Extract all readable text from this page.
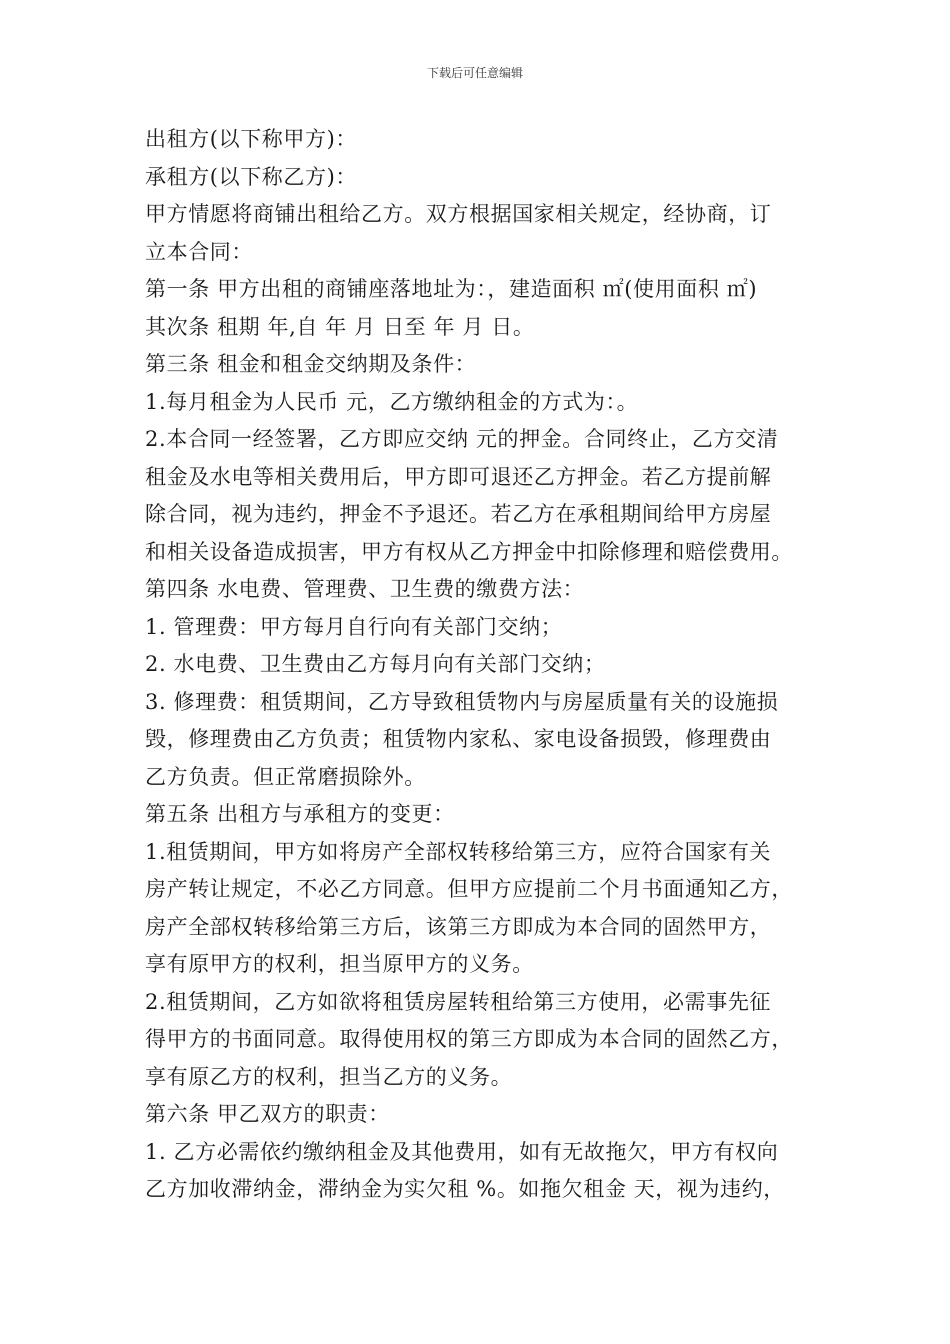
下载后可任意编辑
出租方(以下称甲方)：
承租方(以下称乙方)：
甲方情愿将商铺出租给乙方。双方根据国家相关规定，经协商，订
立本合同：
第一条 甲方出租的商铺座落地址为：，建造面积 ㎡(使用面积 ㎡)
其次条 租期 年,自 年 月 日至 年 月 日。
第三条 租金和租金交纳期及条件：
1.每月租金为人民币 元，乙方缴纳租金的方式为：。
2.本合同一经签署，乙方即应交纳 元的押金。合同终止，乙方交清
租金及水电等相关费用后，甲方即可退还乙方押金。若乙方提前解
除合同，视为违约，押金不予退还。若乙方在承租期间给甲方房屋
和相关设备造成损害，甲方有权从乙方押金中扣除修理和赔偿费用。
第四条 水电费、管理费、卫生费的缴费方法：
1. 管理费：甲方每月自行向有关部门交纳；
2. 水电费、卫生费由乙方每月向有关部门交纳；
3. 修理费：租赁期间，乙方导致租赁物内与房屋质量有关的设施损
毁，修理费由乙方负责；租赁物内家私、家电设备损毁，修理费由
乙方负责。但正常磨损除外。
第五条 出租方与承租方的变更：
1.租赁期间，甲方如将房产全部权转移给第三方，应符合国家有关
房产转让规定，不必乙方同意。但甲方应提前二个月书面通知乙方，
房产全部权转移给第三方后，该第三方即成为本合同的固然甲方，
享有原甲方的权利，担当原甲方的义务。
2.租赁期间，乙方如欲将租赁房屋转租给第三方使用，必需事先征
得甲方的书面同意。取得使用权的第三方即成为本合同的固然乙方，
享有原乙方的权利，担当乙方的义务。
第六条 甲乙双方的职责：
1. 乙方必需依约缴纳租金及其他费用，如有无故拖欠，甲方有权向
乙方加收滞纳金，滞纳金为实欠租 %。如拖欠租金 天，视为违约，
